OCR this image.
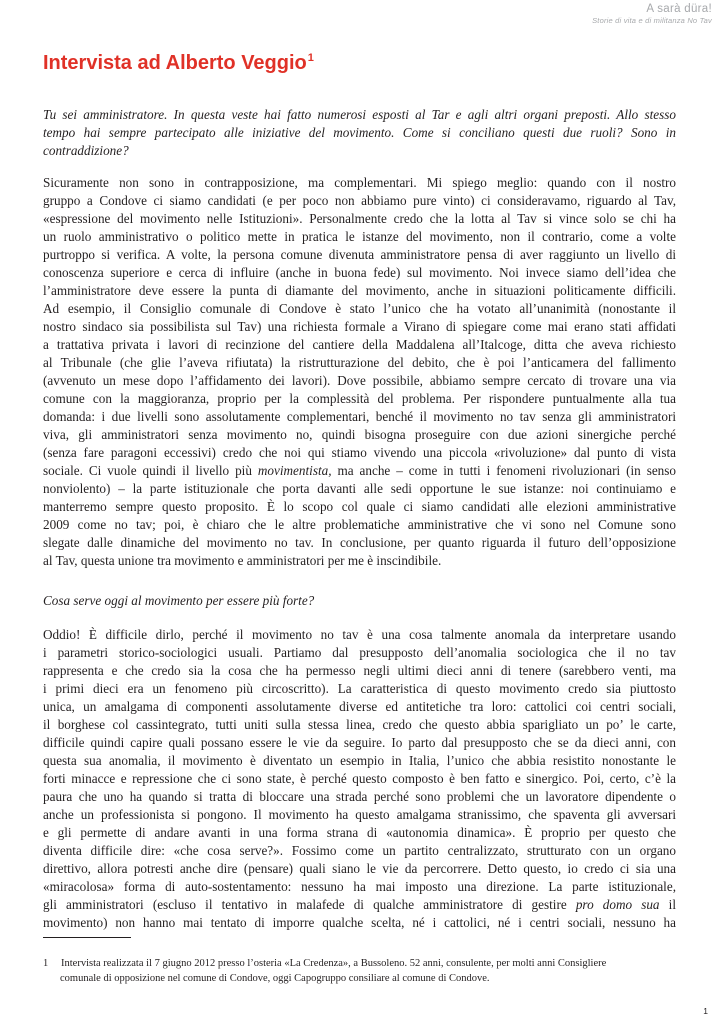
A sarà düra!
Storie di vita e di militanza No Tav
Intervista ad Alberto Veggio$^1$
Tu sei amministratore. In questa veste hai fatto numerosi esposti al Tar e agli altri organi preposti. Allo stesso
tempo hai sempre partecipato alle iniziative del movimento. Come si conciliano questi due ruoli? Sono in
contraddizione?
Sicuramente non sono in contrapposizione, ma complementari. Mi spiego meglio: quando con il nostro
gruppo a Condove ci siamo candidati (e per poco non abbiamo pure vinto) ci consideravamo, riguardo al Tav,
«espressione del movimento nelle Istituzioni». Personalmente credo che la lotta al Tav si vince solo se chi ha
un ruolo amministrativo o politico mette in pratica le istanze del movimento, non il contrario, come a volte
purtroppo si verifica. A volte, la persona comune divenuta amministratore pensa di aver raggiunto un livello di
conoscenza superiore e cerca di influire (anche in buona fede) sul movimento. Noi invece siamo dell’idea che
l’amministratore deve essere la punta di diamante del movimento, anche in situazioni politicamente difficili.
Ad esempio, il Consiglio comunale di Condove è stato l’unico che ha votato all’unanimità (nonostante il
nostro sindaco sia possibilista sul Tav) una richiesta formale a Virano di spiegare come mai erano stati affidati
a trattativa privata i lavori di recinzione del cantiere della Maddalena all’Italcoge, ditta che aveva richiesto
al Tribunale (che glie l’aveva rifiutata) la ristrutturazione del debito, che è poi l’anticamera del fallimento
(avvenuto un mese dopo l’affidamento dei lavori). Dove possibile, abbiamo sempre cercato di trovare una via
comune con la maggioranza, proprio per la complessità del problema. Per rispondere puntualmente alla tua
domanda: i due livelli sono assolutamente complementari, benché il movimento no tav senza gli amministratori
viva, gli amministratori senza movimento no, quindi bisogna proseguire con due azioni sinergiche perché
(senza fare paragoni eccessivi) credo che noi qui stiamo vivendo una piccola «rivoluzione» dal punto di vista
sociale. Ci vuole quindi il livello più movimentista, ma anche – come in tutti i fenomeni rivoluzionari (in senso
nonviolento) – la parte istituzionale che porta davanti alle sedi opportune le sue istanze: noi continuiamo e
manterremo sempre questo proposito. È lo scopo col quale ci siamo candidati alle elezioni amministrative
2009 come no tav; poi, è chiaro che le altre problematiche amministrative che vi sono nel Comune sono
slegate dalle dinamiche del movimento no tav. In conclusione, per quanto riguarda il futuro dell’opposizione
al Tav, questa unione tra movimento e amministratori per me è inscindibile.
Cosa serve oggi al movimento per essere più forte?
Oddio! È difficile dirlo, perché il movimento no tav è una cosa talmente anomala da interpretare usando
i parametri storico-sociologici usuali. Partiamo dal presupposto dell’anomalia sociologica che il no tav
rappresenta e che credo sia la cosa che ha permesso negli ultimi dieci anni di tenere (sarebbero venti, ma
i primi dieci era un fenomeno più circoscritto). La caratteristica di questo movimento credo sia piuttosto
unica, un amalgama di componenti assolutamente diverse ed antitetiche tra loro: cattolici coi centri sociali,
il borghese col cassintegrato, tutti uniti sulla stessa linea, credo che questo abbia sparigliato un po’ le carte,
difficile quindi capire quali possano essere le vie da seguire. Io parto dal presupposto che se da dieci anni, con
questa sua anomalia, il movimento è diventato un esempio in Italia, l’unico che abbia resistito nonostante le
forti minacce e repressione che ci sono state, è perché questo composto è ben fatto e sinergico. Poi, certo, c’è la
paura che uno ha quando si tratta di bloccare una strada perché sono problemi che un lavoratore dipendente o
anche un professionista si pongono. Il movimento ha questo amalgama stranissimo, che spaventa gli avversari
e gli permette di andare avanti in una forma strana di «autonomia dinamica». È proprio per questo che
diventa difficile dire: «che cosa serve?». Fossimo come un partito centralizzato, strutturato con un organo
direttivo, allora potresti anche dire (pensare) quali siano le vie da percorrere. Detto questo, io credo ci sia una
«miracolosa» forma di auto-sostentamento: nessuno ha mai imposto una direzione. La parte istituzionale,
gli amministratori (escluso il tentativo in malafede di qualche amministratore di gestire pro domo sua il
movimento) non hanno mai tentato di imporre qualche scelta, né i cattolici, né i centri sociali, nessuno ha
1 Intervista realizzata il 7 giugno 2012 presso l’osteria «La Credenza», a Bussoleno. 52 anni, consulente, per molti anni Consigliere
comunale di opposizione nel comune di Condove, oggi Capogruppo consiliare al comune di Condove.
1
